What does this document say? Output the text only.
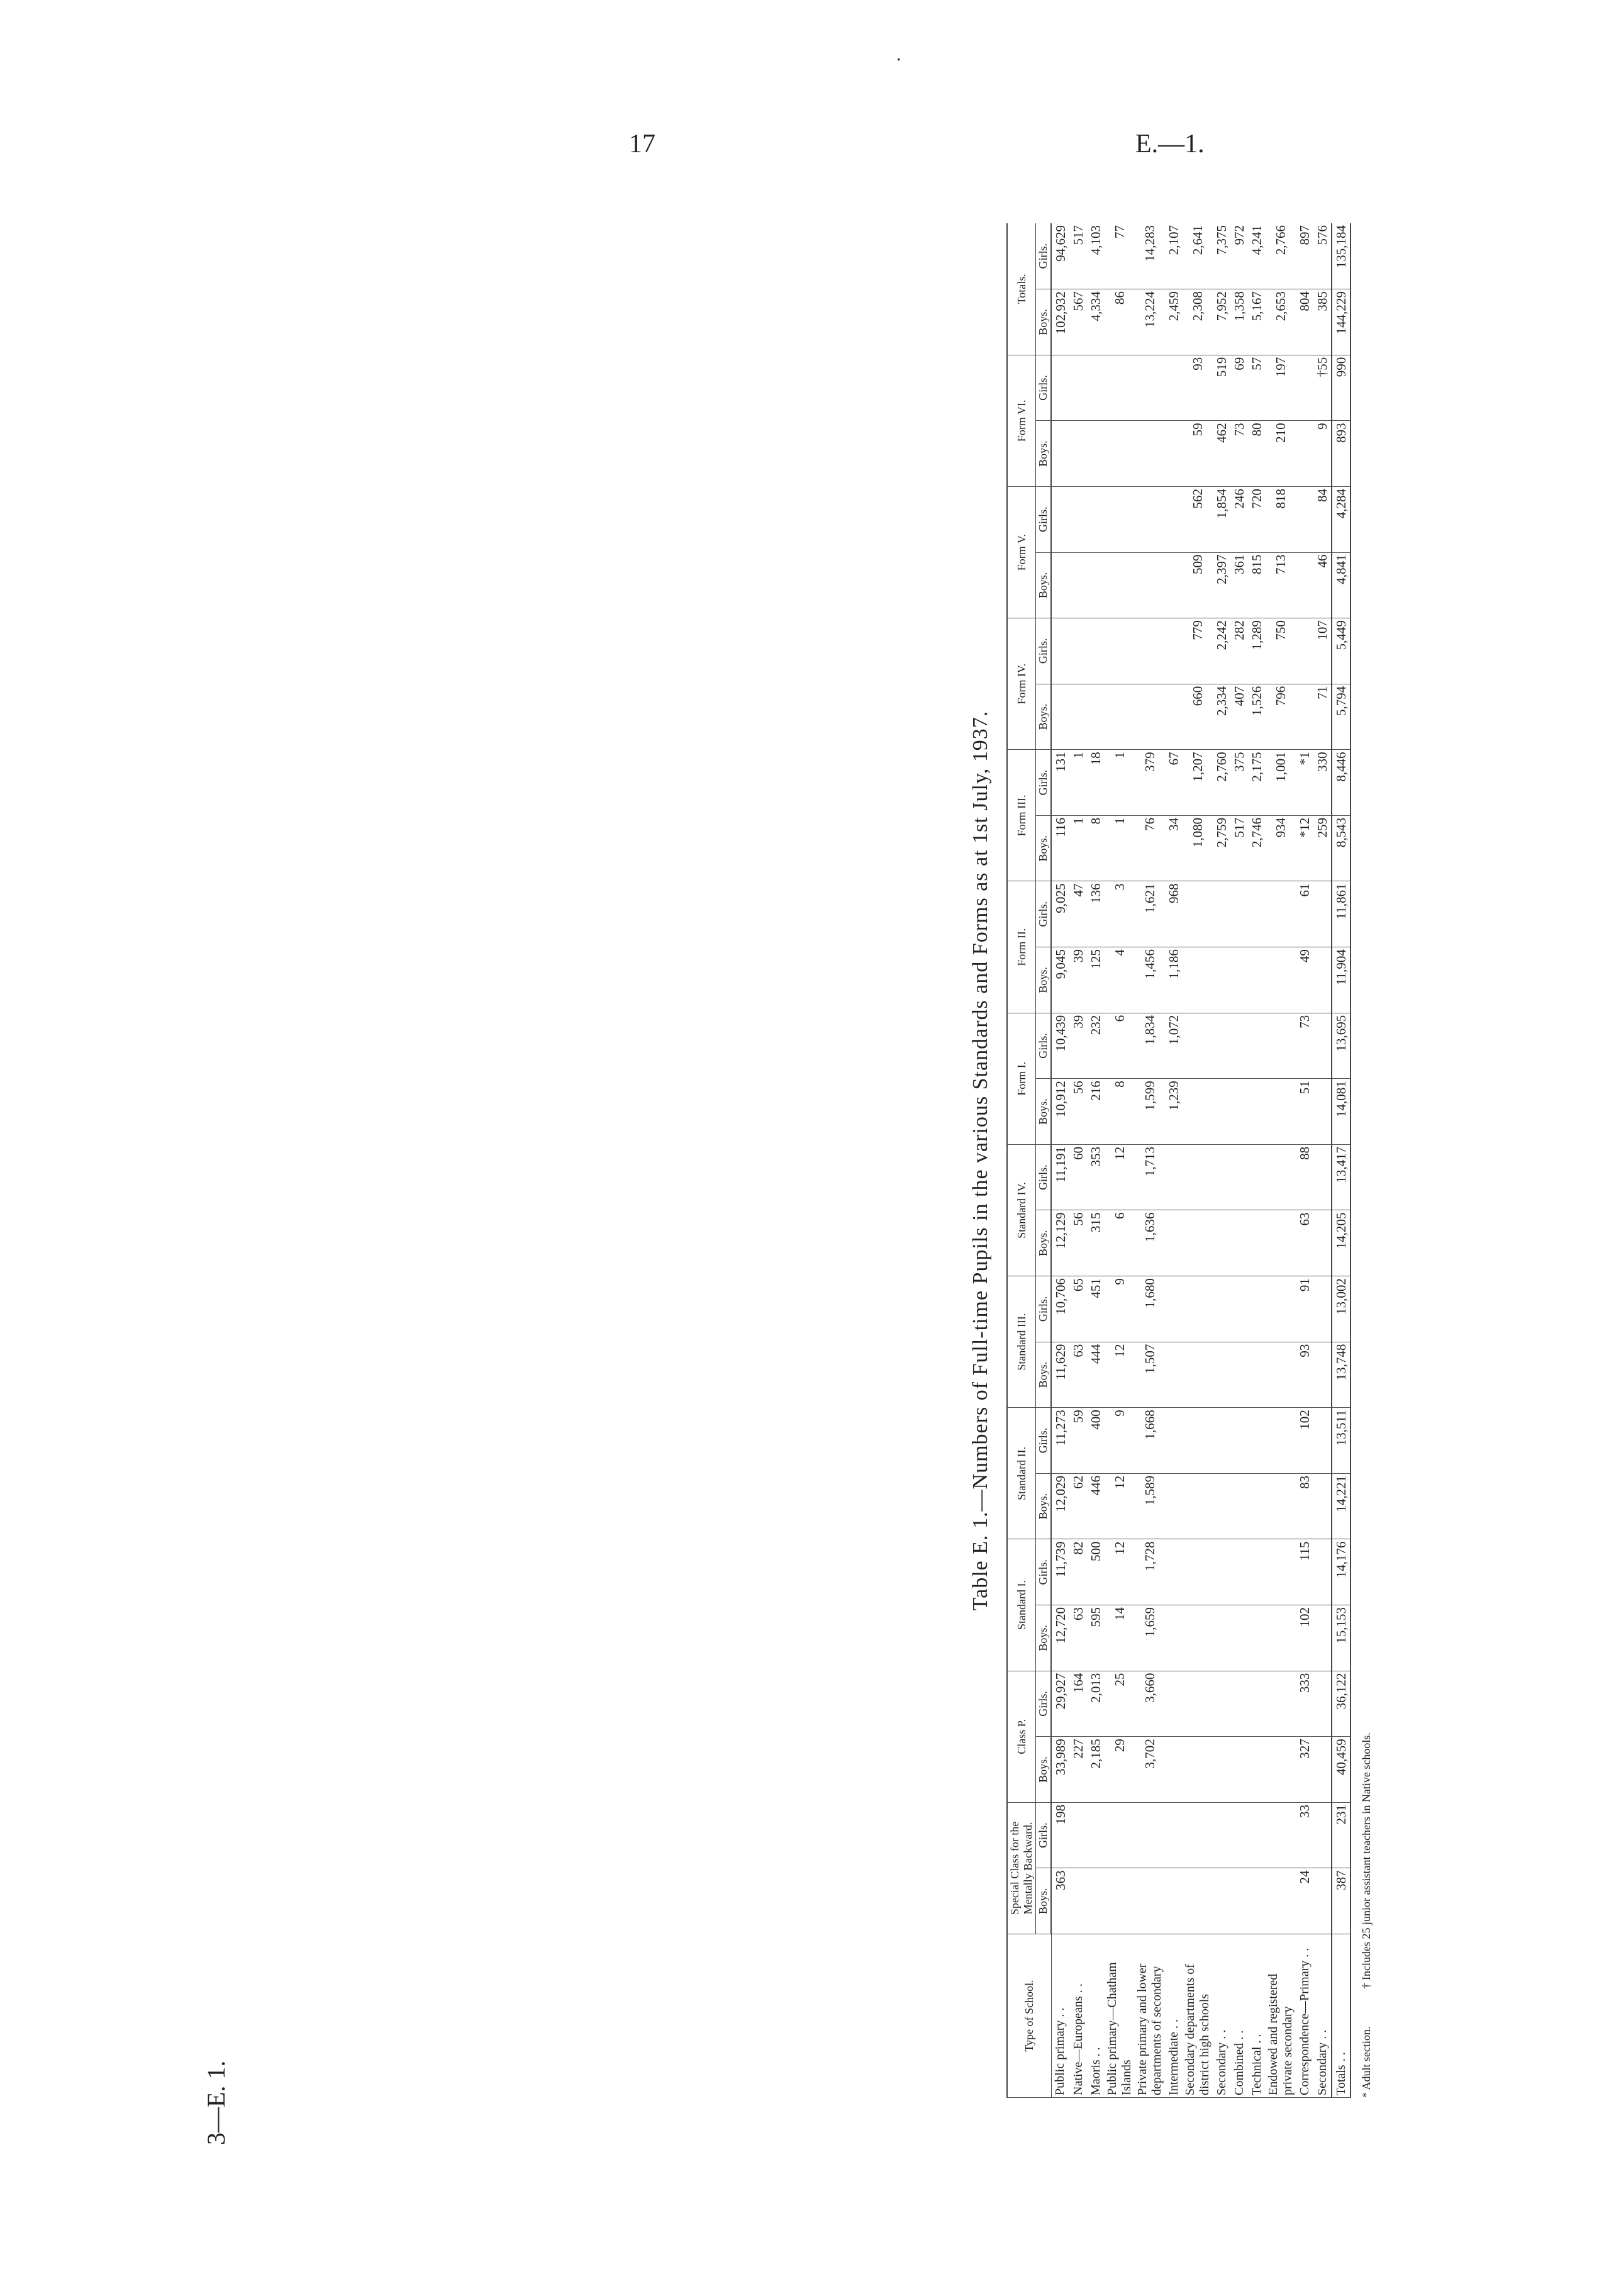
.
17	E.—1.
3—E. 1.
Table E. 1.—Numbers of Full-time Pupils in the various Standards and Forms as at 1st July, 1937.
Type of School.	Special Class for the Mentally Backward.		Class P.		Standard I.		Standard II.		Standard III.		Standard IV.		Form I.		Form II.		Form III.		Form IV.		Form V.		Form VI.		Totals.	
	Boys.	Girls.	Boys.	Girls.	Boys.	Girls.	Boys.	Girls.	Boys.	Girls.	Boys.	Girls.	Boys.	Girls.	Boys.	Girls.	Boys.	Girls.	Boys.	Girls.	Boys.	Girls.	Boys.	Girls.	Boys.	Girls.
Public primary . .	363	198	33,989	29,927	12,720	11,739	12,029	11,273	11,629	10,706	12,129	11,191	10,912	10,439	9,045	9,025	116	131							102,932	94,629
Native—Europeans . .			227	164	63	82	62	59	63	65	56	60	56	39	39	47	1	1							567	517
Maoris . .			2,185	2,013	595	500	446	400	444	451	315	353	216	232	125	136	8	18							4,334	4,103
Public primary—Chatham Islands			29	25	14	12	12	9	12	9	6	12	8	6	4	3	1	1							86	77
Private primary and lower departments of secondary			3,702	3,660	1,659	1,728	1,589	1,668	1,507	1,680	1,636	1,713	1,599	1,834	1,456	1,621	76	379							13,224	14,283
Intermediate . .													1,239	1,072	1,186	968	34	67							2,459	2,107
Secondary departments of district high schools																	1,080	1,207	660	779	509	562	59	93	2,308	2,641
Secondary . .																	2,759	2,760	2,334	2,242	2,397	1,854	462	519	7,952	7,375
Combined . .																	517	375	407	282	361	246	73	69	1,358	972
Technical . .																	2,746	2,175	1,526	1,289	815	720	80	57	5,167	4,241
Endowed and registered private secondary																	934	1,001	796	750	713	818	210	197	2,653	2,766
Correspondence—Primary . .	24	33	327	333	102	115	83	102	93	91	63	88	51	73	49	61	*12	*1							804	897
Secondary . .																	259	330	71	107	46	84	9	†55	385	576
Totals . .	387	231	40,459	36,122	15,153	14,176	14,221	13,511	13,748	13,002	14,205	13,417	14,081	13,695	11,904	11,861	8,543	8,446	5,794	5,449	4,841	4,284	893	990	144,229	135,184
* Adult section.† Includes 25 junior assistant teachers in Native schools.
